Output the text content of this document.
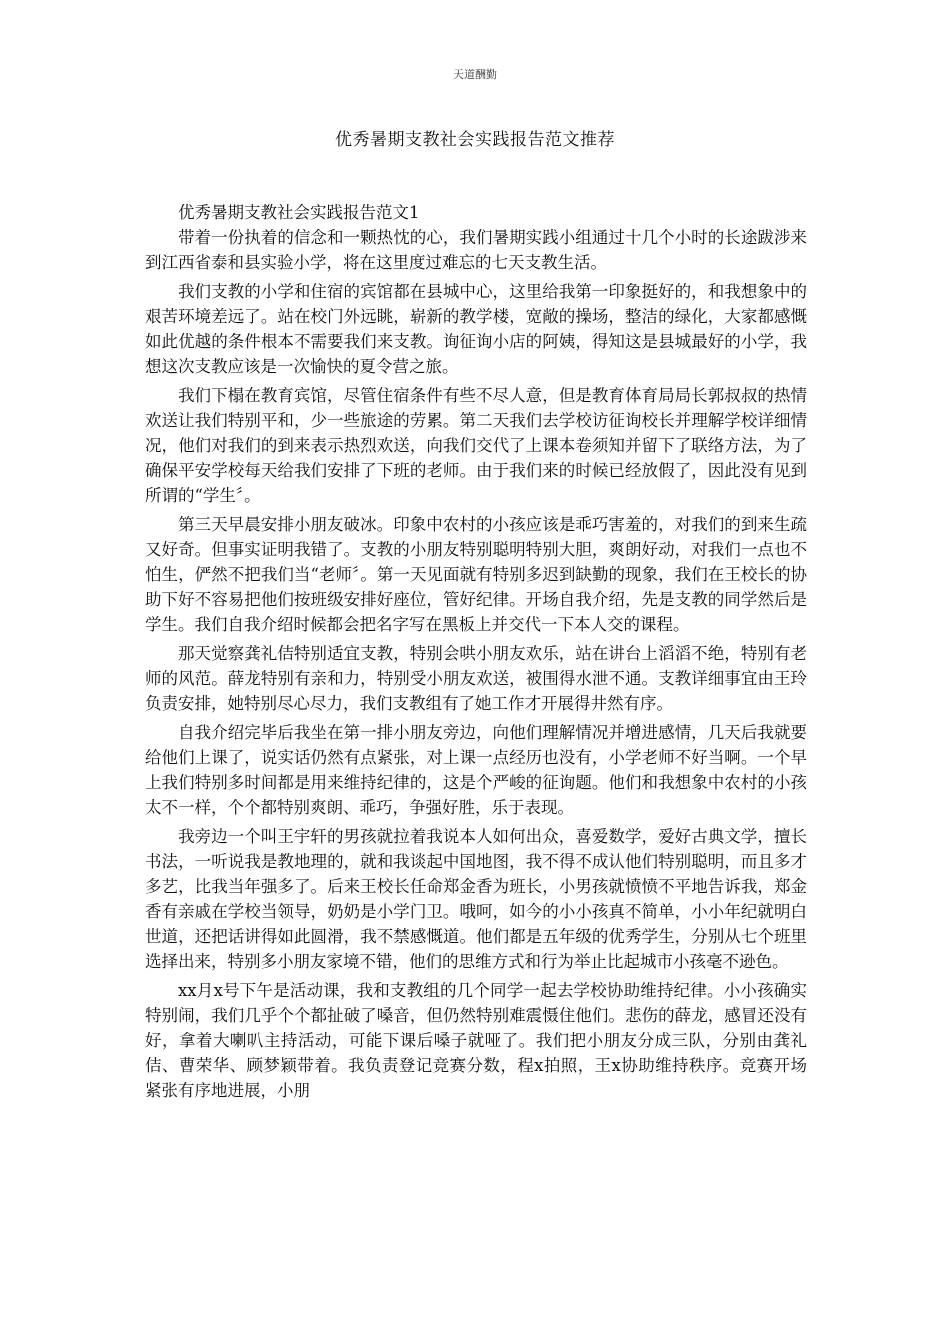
天道酬勤
优秀暑期支教社会实践报告范文推荐

优秀暑期支教社会实践报告范文1

带着一份执着的信念和一颗热忱的心，我们暑期实践小组通过十几个小时的长途跋涉来到江西省泰和县实验小学，将在这里度过难忘的七天支教生活。

我们支教的小学和住宿的宾馆都在县城中心，这里给我第一印象挺好的，和我想象中的艰苦环境差远了。站在校门外远眺，崭新的教学楼，宽敞的操场，整洁的绿化，大家都感慨如此优越的条件根本不需要我们来支教。询征询小店的阿姨，得知这是县城最好的小学，我想这次支教应该是一次愉快的夏令营之旅。

我们下榻在教育宾馆，尽管住宿条件有些不尽人意，但是教育体育局局长郭叔叔的热情欢送让我们特别平和，少一些旅途的劳累。第二天我们去学校访征询校长并理解学校详细情况，他们对我们的到来表示热烈欢送，向我们交代了上课本卷须知并留下了联络方法，为了确保平安学校每天给我们安排了下班的老师。由于我们来的时候已经放假了，因此没有见到所谓的“学生〞。

第三天早晨安排小朋友破冰。印象中农村的小孩应该是乖巧害羞的，对我们的到来生疏又好奇。但事实证明我错了。支教的小朋友特别聪明特别大胆，爽朗好动，对我们一点也不怕生，俨然不把我们当“老师〞。第一天见面就有特别多迟到缺勤的现象，我们在王校长的协助下好不容易把他们按班级安排好座位，管好纪律。开场自我介绍，先是支教的同学然后是学生。我们自我介绍时候都会把名字写在黑板上并交代一下本人交的课程。

那天觉察龚礼佶特别适宜支教，特别会哄小朋友欢乐，站在讲台上滔滔不绝，特别有老师的风范。薛龙特别有亲和力，特别受小朋友欢送，被围得水泄不通。支教详细事宜由王玲负责安排，她特别尽心尽力，我们支教组有了她工作才开展得井然有序。

自我介绍完毕后我坐在第一排小朋友旁边，向他们理解情况并增进感情，几天后我就要给他们上课了，说实话仍然有点紧张，对上课一点经历也没有，小学老师不好当啊。一个早上我们特别多时间都是用来维持纪律的，这是个严峻的征询题。他们和我想象中农村的小孩太不一样，个个都特别爽朗、乖巧，争强好胜，乐于表现。

我旁边一个叫王宇轩的男孩就拉着我说本人如何出众，喜爱数学，爱好古典文学，擅长书法，一听说我是教地理的，就和我谈起中国地图，我不得不成认他们特别聪明，而且多才多艺，比我当年强多了。后来王校长任命郑金香为班长，小男孩就愤愤不平地告诉我，郑金香有亲戚在学校当领导，奶奶是小学门卫。哦呵，如今的小小孩真不简单，小小年纪就明白世道，还把话讲得如此圆滑，我不禁感慨道。他们都是五年级的优秀学生，分别从七个班里选择出来，特别多小朋友家境不错，他们的思维方式和行为举止比起城市小孩毫不逊色。

xx月x号下午是活动课，我和支教组的几个同学一起去学校协助维持纪律。小小孩确实特别闹，我们几乎个个都扯破了嗓音，但仍然特别难震慑住他们。悲伤的薛龙，感冒还没有好，拿着大喇叭主持活动，可能下课后嗓子就哑了。我们把小朋友分成三队，分别由龚礼佶、曹荣华、顾梦颖带着。我负责登记竞赛分数，程x拍照，王x协助维持秩序。竞赛开场紧张有序地进展，小朋
